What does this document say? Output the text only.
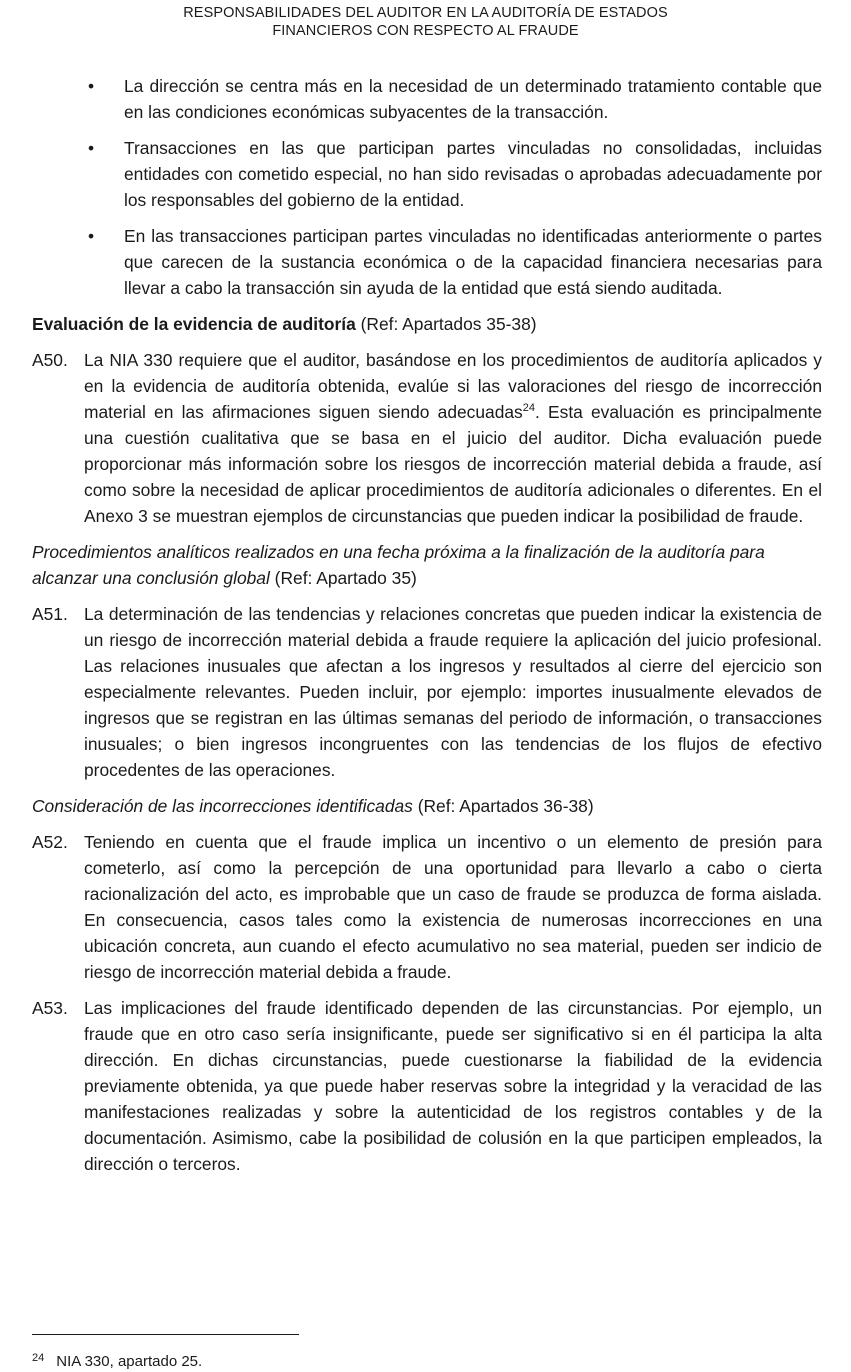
RESPONSABILIDADES DEL AUDITOR EN LA AUDITORÍA DE ESTADOS
FINANCIEROS CON RESPECTO AL FRAUDE
• La dirección se centra más en la necesidad de un determinado tratamiento contable que en las condiciones económicas subyacentes de la transacción.
• Transacciones en las que participan partes vinculadas no consolidadas, incluidas entidades con cometido especial, no han sido revisadas o aprobadas adecuadamente por los responsables del gobierno de la entidad.
• En las transacciones participan partes vinculadas no identificadas anteriormente o partes que carecen de la sustancia económica o de la capacidad financiera necesarias para llevar a cabo la transacción sin ayuda de la entidad que está siendo auditada.
Evaluación de la evidencia de auditoría (Ref: Apartados 35-38)
A50. La NIA 330 requiere que el auditor, basándose en los procedimientos de auditoría aplicados y en la evidencia de auditoría obtenida, evalúe si las valoraciones del riesgo de incorrección material en las afirmaciones siguen siendo adecuadas$^{24}$. Esta evaluación es principalmente una cuestión cualitativa que se basa en el juicio del auditor. Dicha evaluación puede proporcionar más información sobre los riesgos de incorrección material debida a fraude, así como sobre la necesidad de aplicar procedimientos de auditoría adicionales o diferentes. En el Anexo 3 se muestran ejemplos de circunstancias que pueden indicar la posibilidad de fraude.
Procedimientos analíticos realizados en una fecha próxima a la finalización de la auditoría para alcanzar una conclusión global (Ref: Apartado 35)
A51. La determinación de las tendencias y relaciones concretas que pueden indicar la existencia de un riesgo de incorrección material debida a fraude requiere la aplicación del juicio profesional. Las relaciones inusuales que afectan a los ingresos y resultados al cierre del ejercicio son especialmente relevantes. Pueden incluir, por ejemplo: importes inusualmente elevados de ingresos que se registran en las últimas semanas del periodo de información, o transacciones inusuales; o bien ingresos incongruentes con las tendencias de los flujos de efectivo procedentes de las operaciones.
Consideración de las incorrecciones identificadas (Ref: Apartados 36-38)
A52. Teniendo en cuenta que el fraude implica un incentivo o un elemento de presión para cometerlo, así como la percepción de una oportunidad para llevarlo a cabo o cierta racionalización del acto, es improbable que un caso de fraude se produzca de forma aislada. En consecuencia, casos tales como la existencia de numerosas incorrecciones en una ubicación concreta, aun cuando el efecto acumulativo no sea material, pueden ser indicio de riesgo de incorrección material debida a fraude.
A53. Las implicaciones del fraude identificado dependen de las circunstancias. Por ejemplo, un fraude que en otro caso sería insignificante, puede ser significativo si en él participa la alta dirección. En dichas circunstancias, puede cuestionarse la fiabilidad de la evidencia previamente obtenida, ya que puede haber reservas sobre la integridad y la veracidad de las manifestaciones realizadas y sobre la autenticidad de los registros contables y de la documentación. Asimismo, cabe la posibilidad de colusión en la que participen empleados, la dirección o terceros.
$^{24}$ NIA 330, apartado 25.
